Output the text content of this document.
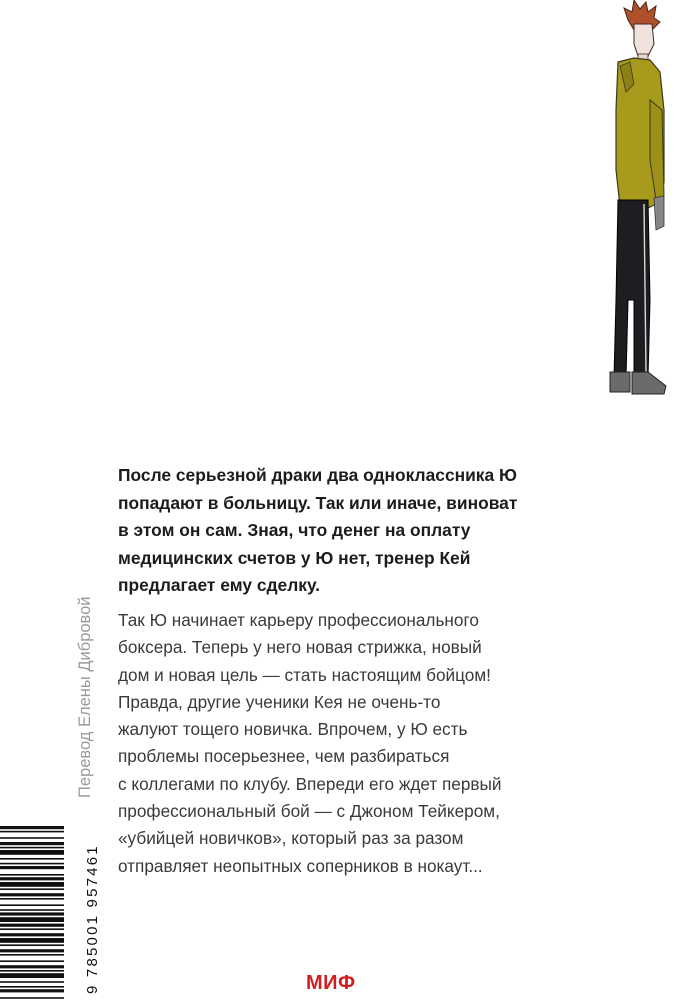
После серьезной драки два одноклассника Ю
попадают в больницу. Так или иначе, виноват
в этом он сам. Зная, что денег на оплату
медицинских счетов у Ю нет, тренер Кей
предлагает ему сделку.
Так Ю начинает карьеру профессионального
боксера. Теперь у него новая стрижка, новый
дом и новая цель — стать настоящим бойцом!
Правда, другие ученики Кея не очень-то
жалуют тощего новичка. Впрочем, у Ю есть
проблемы посерьезнее, чем разбираться
с коллегами по клубу. Впереди его ждет первый
профессиональный бой — с Джоном Тейкером,
«убийцей новичков», который раз за разом
отправляет неопытных соперников в нокаут...
Перевод Елены Дибровой
9 785001 957461	МИФ
